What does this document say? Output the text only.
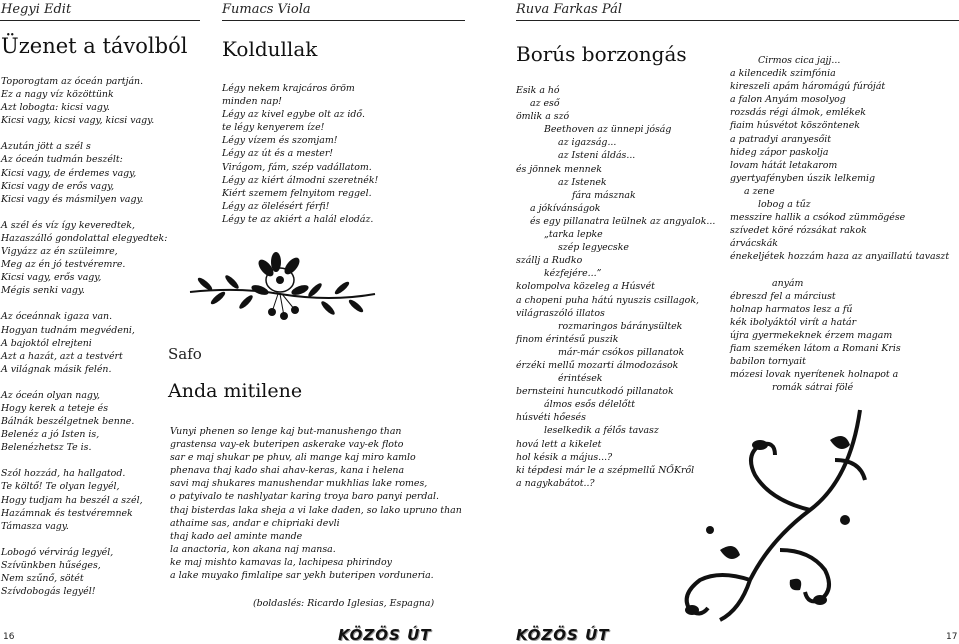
Hegyi Edit
Üzenet a távolból
Toporogtam az óceán partján.
Ez a nagy víz közöttünk
Azt lobogta: kicsi vagy.
Kicsi vagy, kicsi vagy, kicsi vagy.
Azután jött a szél s
Az óceán tudmán beszélt:
Kicsi vagy, de érdemes vagy,
Kicsi vagy de erős vagy,
Kicsi vagy és másmilyen vagy.
A szél és víz így keveredtek,
Hazaszálló gondolattal elegyedtek:
Vigyázz az én szüleimre,
Meg az én jó testvéremre.
Kicsi vagy, erős vagy,
Mégis senki vagy.
Az óceánnak igaza van.
Hogyan tudnám megvédeni,
A bajoktól elrejteni
Azt a hazát, azt a testvért
A világnak másik felén.
Az óceán olyan nagy,
Hogy kerek a teteje és
Bálnák beszélgetnek benne.
Belenéz a jó Isten is,
Belenézhetsz Te is.
Szól hozzád, ha hallgatod.
Te költő! Te olyan legyél,
Hogy tudjam ha beszél a szél,
Hazámnak és testvéremnek
Támasza vagy.
Lobogó vérvirág legyél,
Szívünkben hűséges,
Nem szűnő, sötét
Szívdobogás legyél!
16
Fumacs Viola
Koldullak
Légy nekem krajcáros öröm
minden nap!
Légy az kivel egybe olt az idő.
te légy kenyerem íze!
Légy vízem és szomjam!
Légy az út és a mester!
Virágom, fám, szép vadállatom.
Légy az kiért álmodni szeretnék!
Kiért szemem felnyitom reggel.
Légy az ölelésért férfi!
Légy te az akiért a halál elodáz.
Safo
Anda mitilene
Vunyi phenen so lenge kaj but-manushengo than
grastensa vay-ek buteripen askerake vay-ek floto
sar e maj shukar pe phuv, ali mange kaj miro kamlo
phenava thaj kado shai ahav-keras, kana i helena
savi maj shukares manushendar mukhlias lake romes,
o patyivalo te nashlyatar karing troya baro panyi perdal.
thaj bisterdas laka sheja a vi lake daden, so lako upruno than
athaime sas, andar e chipriaki devli
thaj kado ael aminte mande
la anactoria, kon akana naj mansa.
ke maj mishto kamavas la, lachipesa phirindoy
a lake muyako fimlalipe sar yekh buteripen vorduneria.
(boldaslés: Ricardo Iglesias, Espagna)
Ruva Farkas Pál
Borús borzongás
Esik a hó
az eső
ömlik a szó
Beethoven az ünnepi jóság
az igazság...
az Isteni áldás...
és jönnek mennek
az Istenek
fára másznak
a jókívánságok
és egy pillanatra leülnek az angyalok...
„tarka lepke
szép legyecske
szállj a Rudko
kézfejére...”
kolompolva közeleg a Húsvét
a chopeni puha hátú nyuszis csillagok,
világraszóló illatos
rozmaringos báránysültek
finom érintésű puszik
már-már csókos pillanatok
érzéki mellű mozarti álmodozások
érintések
bernsteini huncutkodó pillanatok
álmos esős délelőtt
húsvéti hőesés
leselkedik a félős tavasz
hová lett a kikelet
hol késik a május...?
ki tépdesi már le a szépmellű NŐKről
a nagykabátot..?
Cirmos cica jajj...
a kilencedik szimfónia
kireszeli apám háromágú fúróját
a falon Anyám mosolyog
rozsdás régi álmok, emlékek
fiaim húsvétot köszöntenek
a patradyi aranyesőit
hideg zápor paskolja
lovam hátát letakarom
gyertyafényben úszik lelkemig
a zene
lobog a tűz
messzire hallik a csókod zümmögése
szívedet köré rózsákat rakok
árvácskák
énekeljétek hozzám haza az anyaillatú tavaszt
anyám
ébreszd fel a márciust
holnap harmatos lesz a fű
kék ibolyáktól virít a határ
újra gyermekeknek érzem magam
fiam szeméken látom a Romani Kris
babilon tornyait
mózesi lovak nyerítenek holnapot a
romák sátrai fölé
17
KÖZÖS ÚT	KÖZÖS ÚT
